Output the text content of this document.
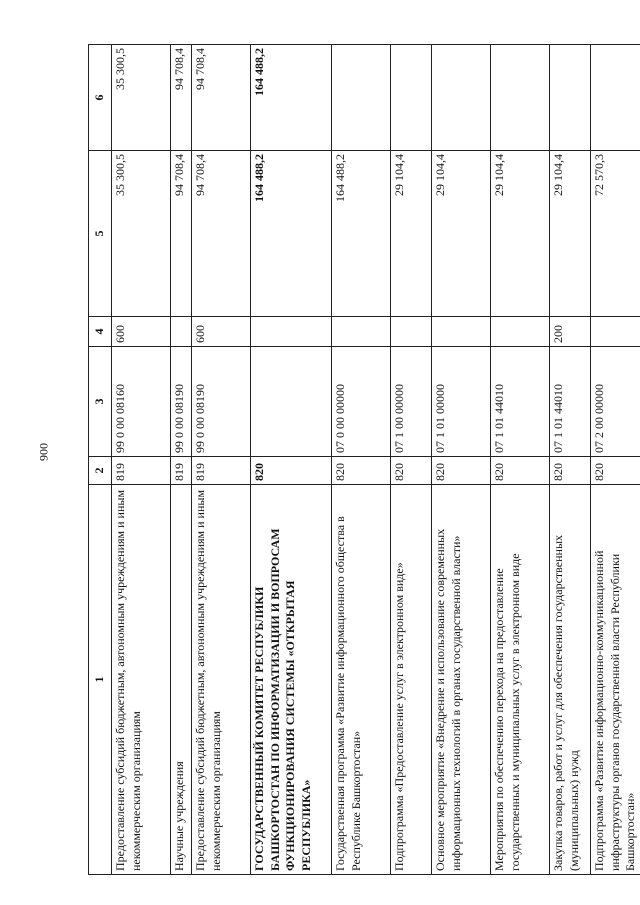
900
1	2	3	4	5	6
Предоставление субсидий бюджетным, автономным учреждениям и иным некоммерческим организациям	819	99 0 00 08160	600	35 300,5	35 300,5
Научные учреждения	819	99 0 00 08190		94 708,4	94 708,4
Предоставление субсидий бюджетным, автономным учреждениям и иным некоммерческим организациям	819	99 0 00 08190	600	94 708,4	94 708,4
ГОСУДАРСТВЕННЫЙ КОМИТЕТ РЕСПУБЛИКИ БАШКОРТОСТАН ПО ИНФОРМАТИЗАЦИИ И ВОПРОСАМ ФУНКЦИОНИРОВАНИЯ СИСТЕМЫ «ОТКРЫТАЯ РЕСПУБЛИКА»	820			164 488,2	164 488,2
Государственная программа «Развитие информационного общества в Республике Башкортостан»	820	07 0 00 00000		164 488,2	
Подпрограмма «Предоставление услуг в электронном виде»	820	07 1 00 00000		29 104,4	
Основное мероприятие «Внедрение и использование современных информационных технологий в органах государственной власти»	820	07 1 01 00000		29 104,4	
Мероприятия по обеспечению перехода на предоставление государственных и муниципальных услуг в электронном виде	820	07 1 01 44010		29 104,4	
Закупка товаров, работ и услуг для обеспечения государственных (муниципальных) нужд	820	07 1 01 44010	200	29 104,4	
Подпрограмма «Развитие информационно-коммуникационной инфраструктуры органов государственной власти Республики Башкортостан»	820	07 2 00 00000		72 570,3	
